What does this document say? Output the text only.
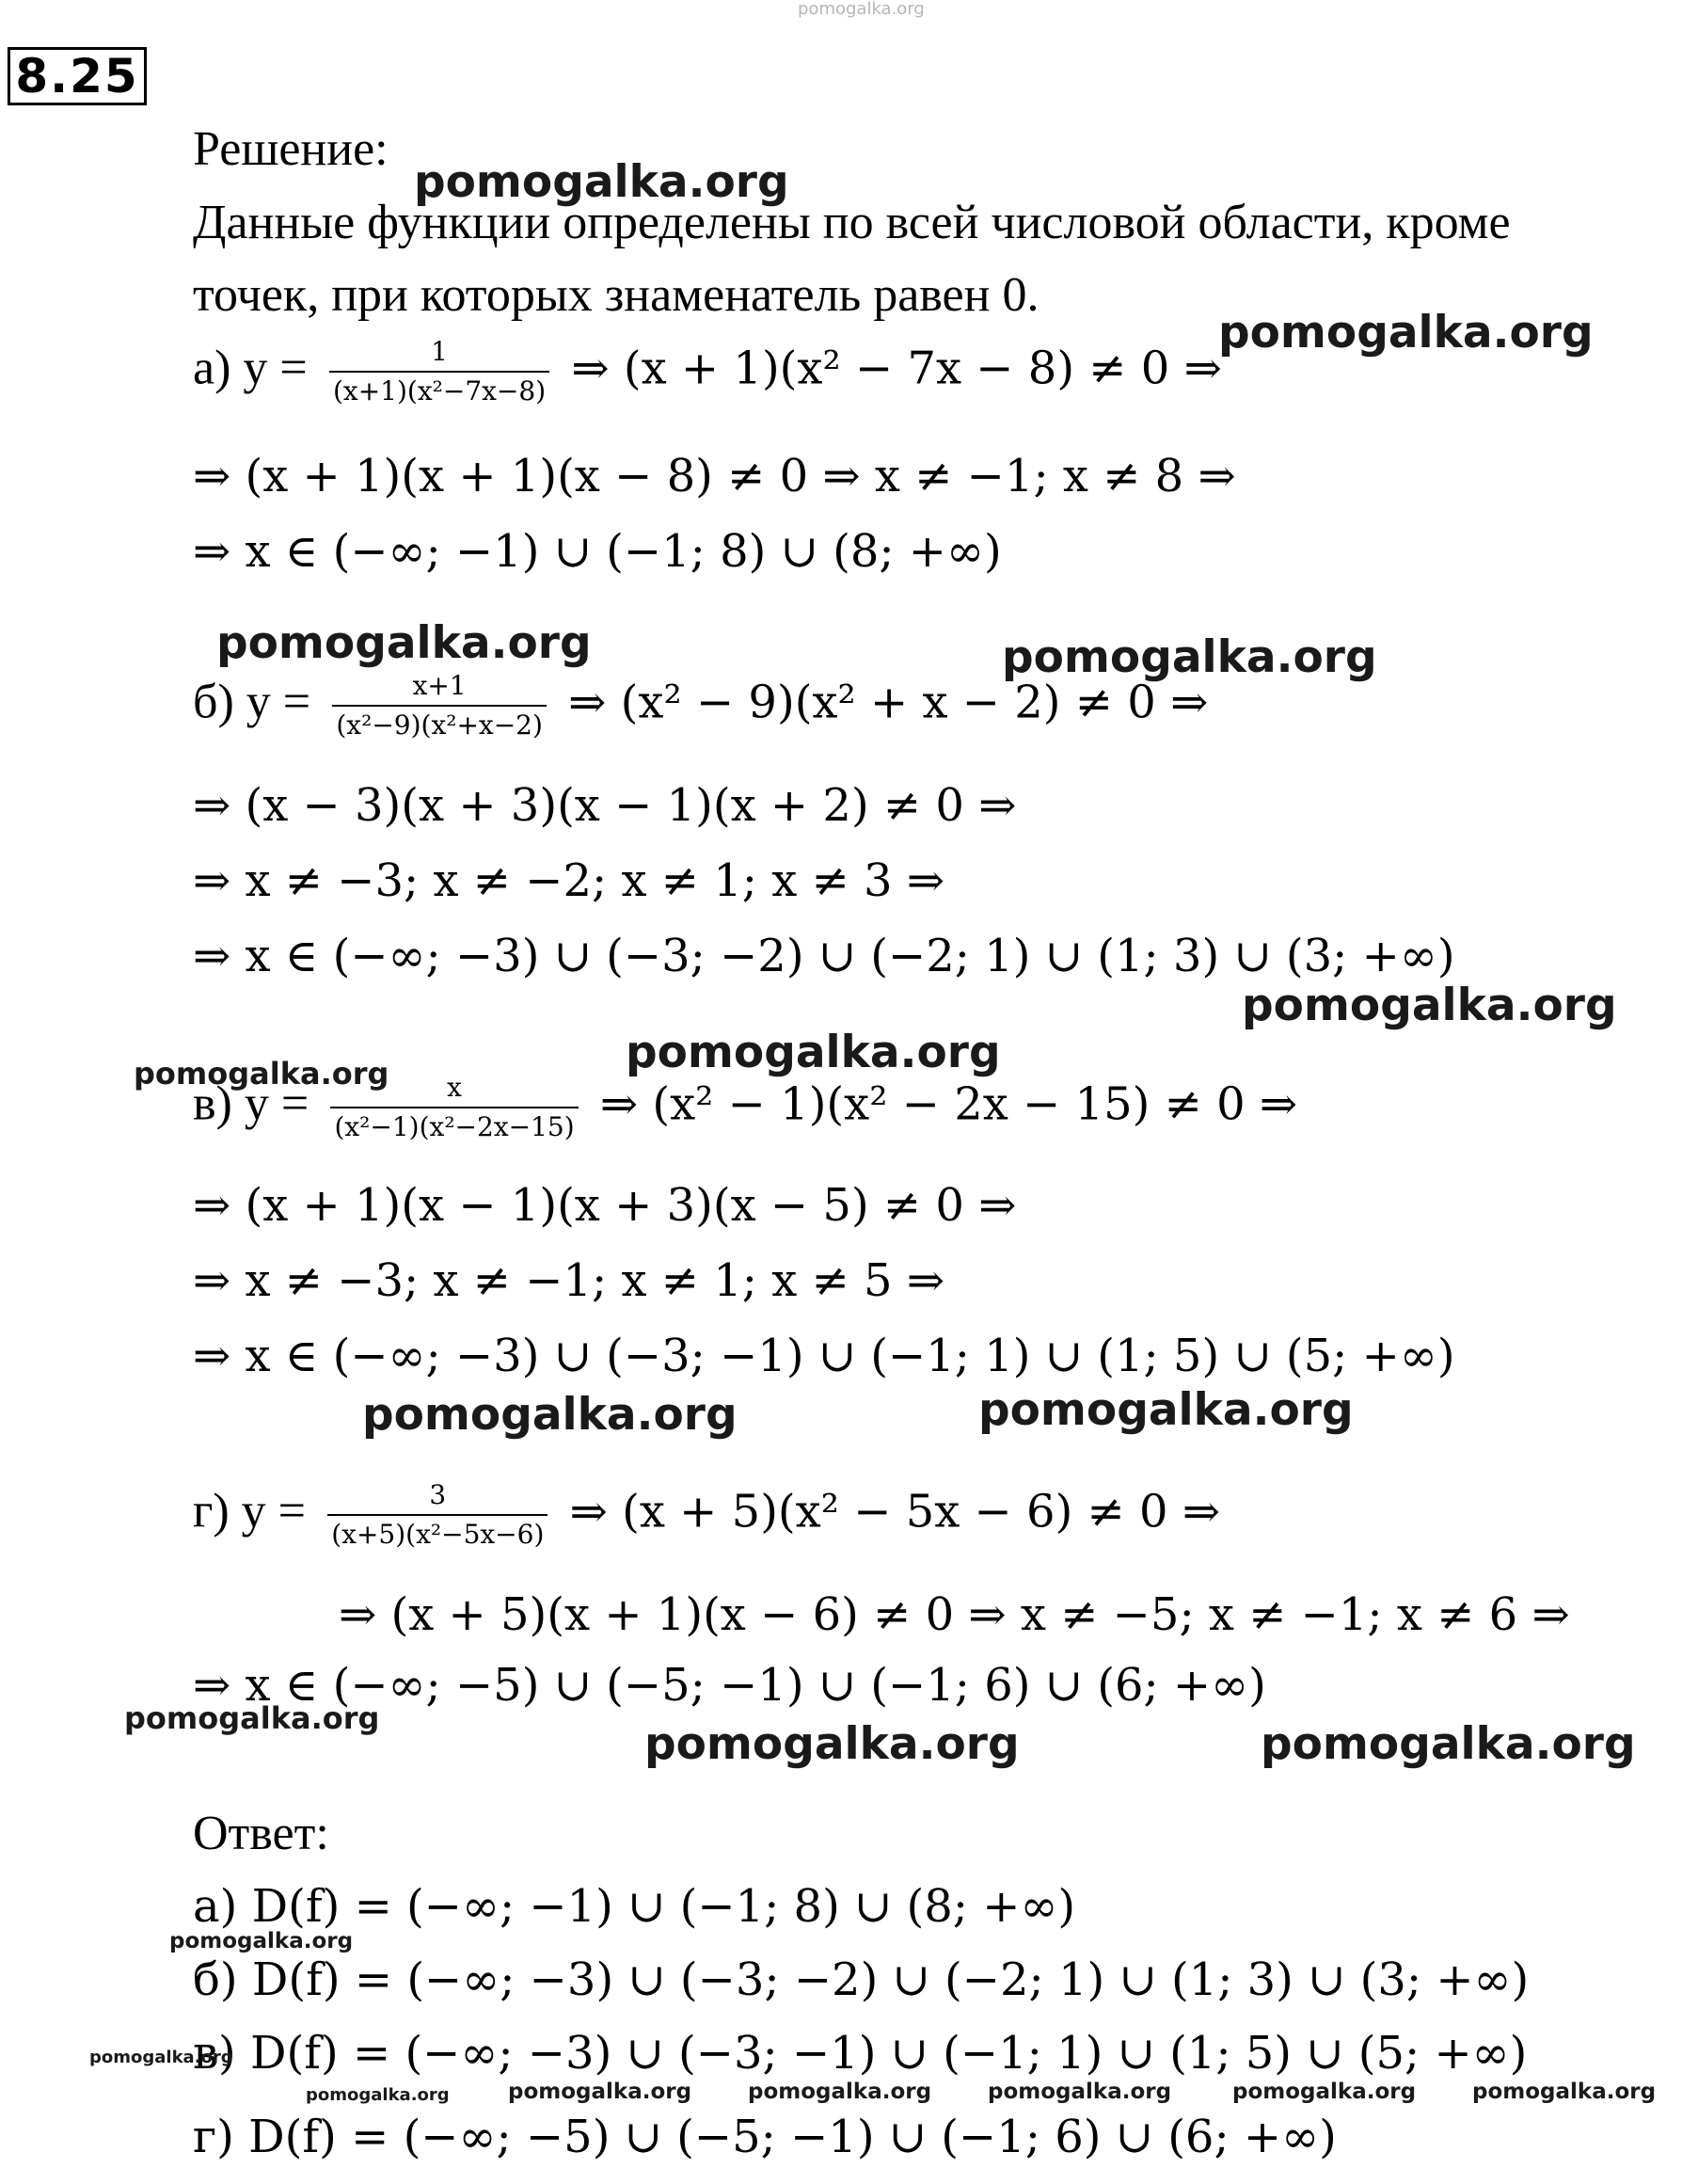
pomogalka.org
8.25
Решение:
Данные функции определены по всей числовой области, кроме
точек, при которых знаменатель равен 0.
а) $y = \frac{1}{\text{(x+1)(x²−7x−8)}}$ ⇒ (x + 1)(x² − 7x − 8) ≠ 0 ⇒
⇒ (x + 1)(x + 1)(x − 8) ≠ 0 ⇒ x ≠ −1; x ≠ 8 ⇒
⇒ x ∈ (−∞; −1) ∪ (−1; 8) ∪ (8; +∞)
б) $y = \frac{x+1}{\text{(x²−9)(x²+x−2)}}$ ⇒ (x² − 9)(x² + x − 2) ≠ 0 ⇒
⇒ (x − 3)(x + 3)(x − 1)(x + 2) ≠ 0 ⇒
⇒ x ≠ −3; x ≠ −2; x ≠ 1; x ≠ 3 ⇒
⇒ x ∈ (−∞; −3) ∪ (−3; −2) ∪ (−2; 1) ∪ (1; 3) ∪ (3; +∞)
в) $y = \frac{x}{\text{(x²−1)(x²−2x−15)}}$ ⇒ (x² − 1)(x² − 2x − 15) ≠ 0 ⇒
⇒ (x + 1)(x − 1)(x + 3)(x − 5) ≠ 0 ⇒
⇒ x ≠ −3; x ≠ −1; x ≠ 1; x ≠ 5 ⇒
⇒ x ∈ (−∞; −3) ∪ (−3; −1) ∪ (−1; 1) ∪ (1; 5) ∪ (5; +∞)
г) $y = \frac{3}{\text{(x+5)(x²−5x−6)}}$ ⇒ (x + 5)(x² − 5x − 6) ≠ 0 ⇒
⇒ (x + 5)(x + 1)(x − 6) ≠ 0 ⇒ x ≠ −5; x ≠ −1; x ≠ 6 ⇒
⇒ x ∈ (−∞; −5) ∪ (−5; −1) ∪ (−1; 6) ∪ (6; +∞)
Ответ:
а) D(f) = (−∞; −1) ∪ (−1; 8) ∪ (8; +∞)
б) D(f) = (−∞; −3) ∪ (−3; −2) ∪ (−2; 1) ∪ (1; 3) ∪ (3; +∞)
в) D(f) = (−∞; −3) ∪ (−3; −1) ∪ (−1; 1) ∪ (1; 5) ∪ (5; +∞)
г) D(f) = (−∞; −5) ∪ (−5; −1) ∪ (−1; 6) ∪ (6; +∞)
pomogalka.org
pomogalka.org
pomogalka.org	pomogalka.org
pomogalka.org
pomogalka.org
pomogalka.org
pomogalka.org	pomogalka.org
pomogalka.org	pomogalka.org	pomogalka.org
pomogalka.org
pomogalka.org
pomogalka.org	pomogalka.org	pomogalka.org	pomogalka.org	pomogalka.org	pomogalka.org
